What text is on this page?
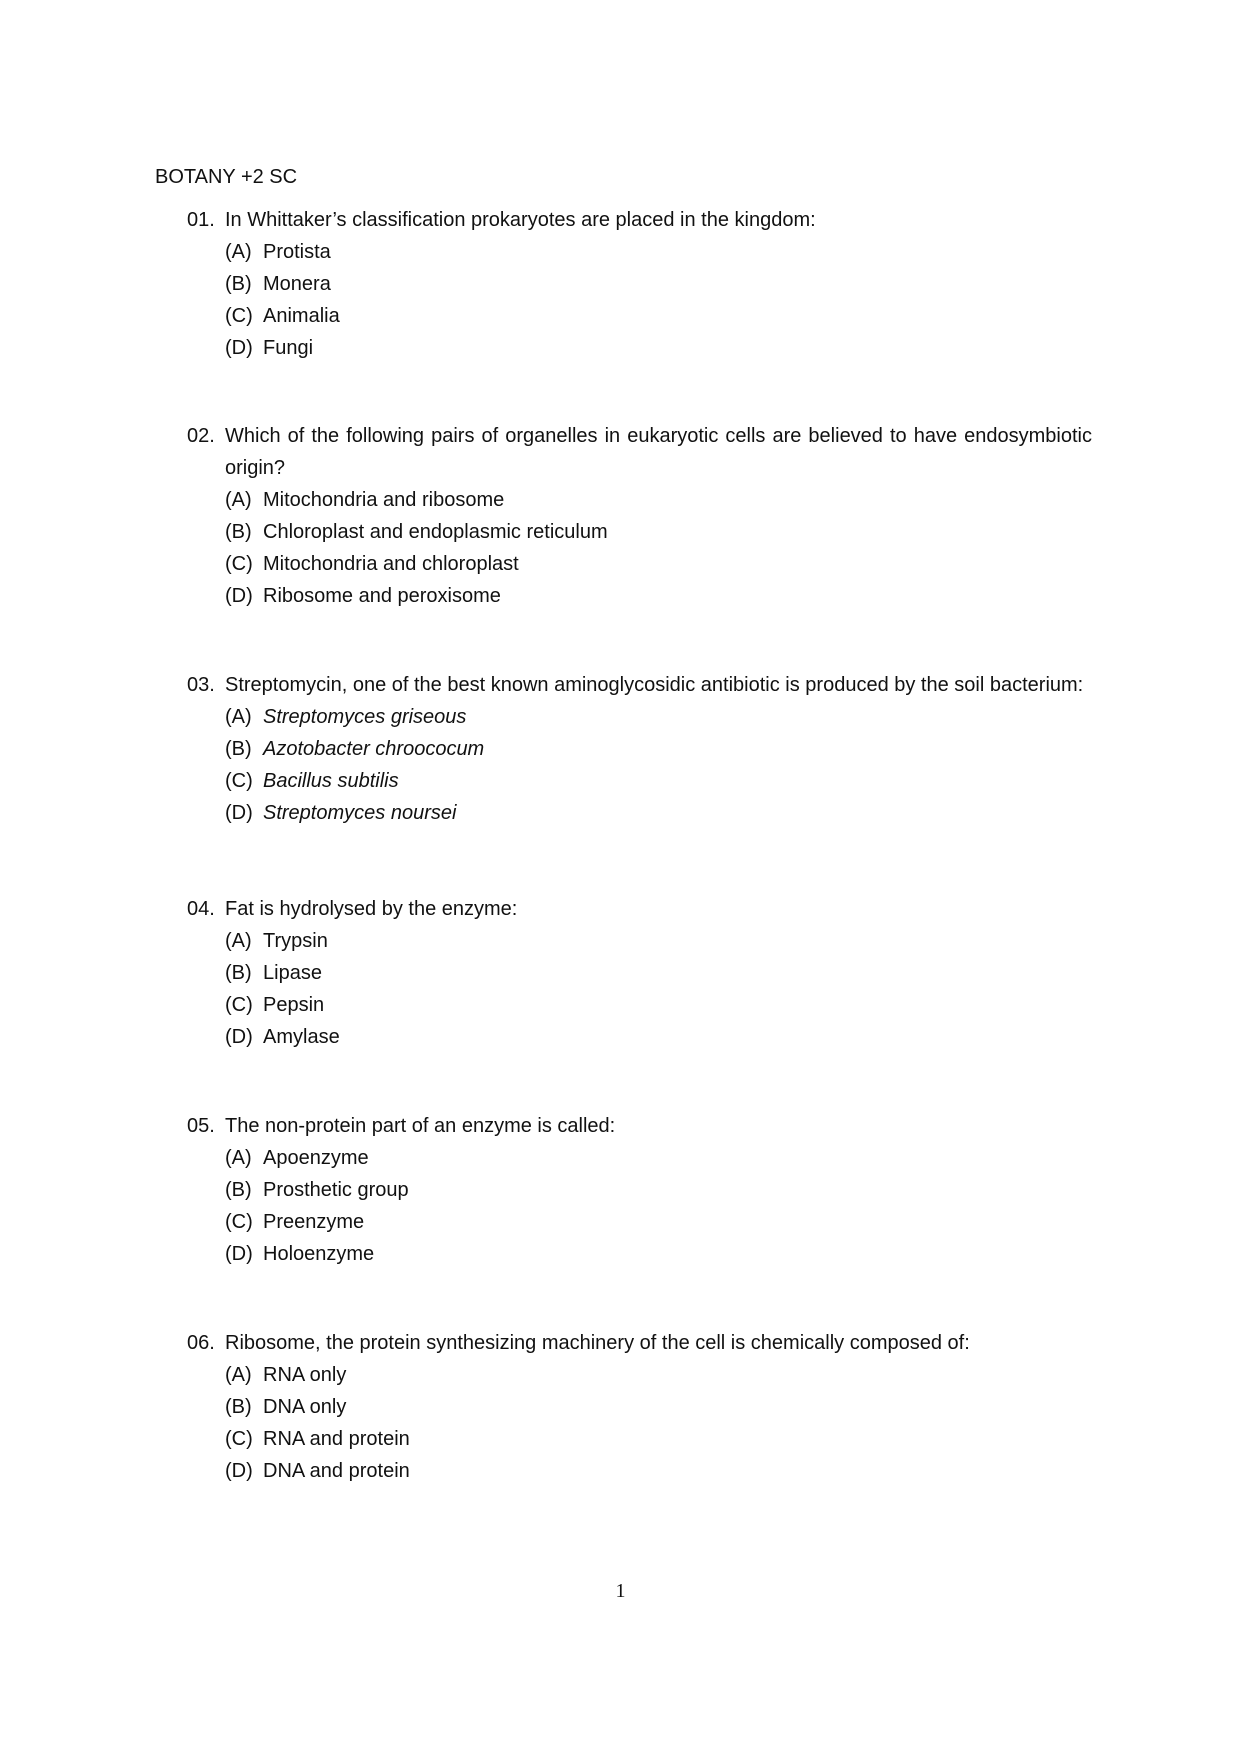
BOTANY +2 SC
01. In Whittaker’s classification prokaryotes are placed in the kingdom:
(A) Protista
(B) Monera
(C) Animalia
(D) Fungi
02. Which of the following pairs of organelles in eukaryotic cells are believed to have endosymbiotic origin?
(A) Mitochondria and ribosome
(B) Chloroplast and endoplasmic reticulum
(C) Mitochondria and chloroplast
(D) Ribosome and peroxisome
03. Streptomycin, one of the best known aminoglycosidic antibiotic is produced by the soil bacterium:
(A) Streptomyces griseous
(B) Azotobacter chroococum
(C) Bacillus subtilis
(D) Streptomyces noursei
04. Fat is hydrolysed by the enzyme:
(A) Trypsin
(B) Lipase
(C) Pepsin
(D) Amylase
05. The non-protein part of an enzyme is called:
(A) Apoenzyme
(B) Prosthetic group
(C) Preenzyme
(D) Holoenzyme
06. Ribosome, the protein synthesizing machinery of the cell is chemically composed of:
(A) RNA only
(B) DNA only
(C) RNA and protein
(D) DNA and protein
1
